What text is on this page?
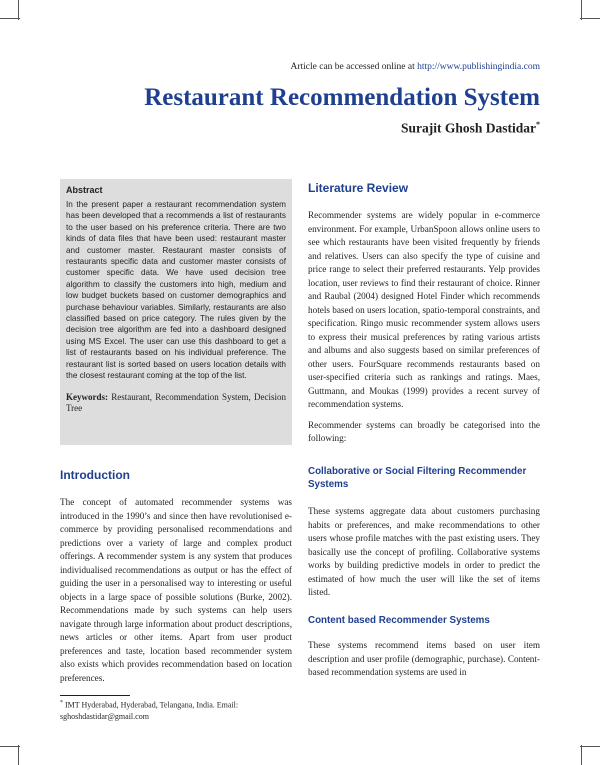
Article can be accessed online at http://www.publishingindia.com
Restaurant Recommendation System
Surajit Ghosh Dastidar*
Abstract

In the present paper a restaurant recommendation system has been developed that a recommends a list of restaurants to the user based on his preference criteria. There are two kinds of data files that have been used: restaurant master and customer master. Restaurant master consists of restaurants specific data and customer master consists of customer specific data. We have used decision tree algorithm to classify the customers into high, medium and low budget buckets based on customer demographics and purchase behaviour variables. Similarly, restaurants are also classified based on price category. The rules given by the decision tree algorithm are fed into a dashboard designed using MS Excel. The user can use this dashboard to get a list of restaurants based on his individual preference. The restaurant list is sorted based on users location details with the closest restaurant coming at the top of the list.

Keywords: Restaurant, Recommendation System, Decision Tree

Introduction

The concept of automated recommender systems was introduced in the 1990’s and since then have revolutionised e-commerce by providing personalised recommendations and predictions over a variety of large and complex product offerings. A recommender system is any system that produces individualised recommendations as output or has the effect of guiding the user in a personalised way to interesting or useful objects in a large space of possible solutions (Burke, 2002). Recommendations made by such systems can help users navigate through large information about product descriptions, news articles or other items. Apart from user product preferences and taste, location based recommender system also exists which provides recommendation based on location preferences.

Literature Review

Recommender systems are widely popular in e-commerce environment. For example, UrbanSpoon allows online users to see which restaurants have been visited frequently by friends and relatives. Users can also specify the type of cuisine and price range to select their preferred restaurants. Yelp provides location, user reviews to find their restaurant of choice. Rinner and Raubal (2004) designed Hotel Finder which recommends hotels based on users location, spatio-temporal constraints, and specification. Ringo music recommender system allows users to express their musical preferences by rating various artists and albums and also suggests based on similar preferences of other users. FourSquare recommends restaurants based on user-specified criteria such as rankings and ratings. Maes, Guttmann, and Moukas (1999) provides a recent survey of recommendation systems.

Recommender systems can broadly be categorised into the following:

Collaborative or Social Filtering Recommender Systems

These systems aggregate data about customers purchasing habits or preferences, and make recommendations to other users whose profile matches with the past existing users. They basically use the concept of profiling. Collaborative systems works by building predictive models in order to predict the estimated of how much the user will like the set of items listed.

Content based Recommender Systems

These systems recommend items based on user item description and user profile (demographic, purchase). Content-based recommendation systems are used in

* IMT Hyderabad, Hyderabad, Telangana, India. Email: sghoshdastidar@gmail.com
